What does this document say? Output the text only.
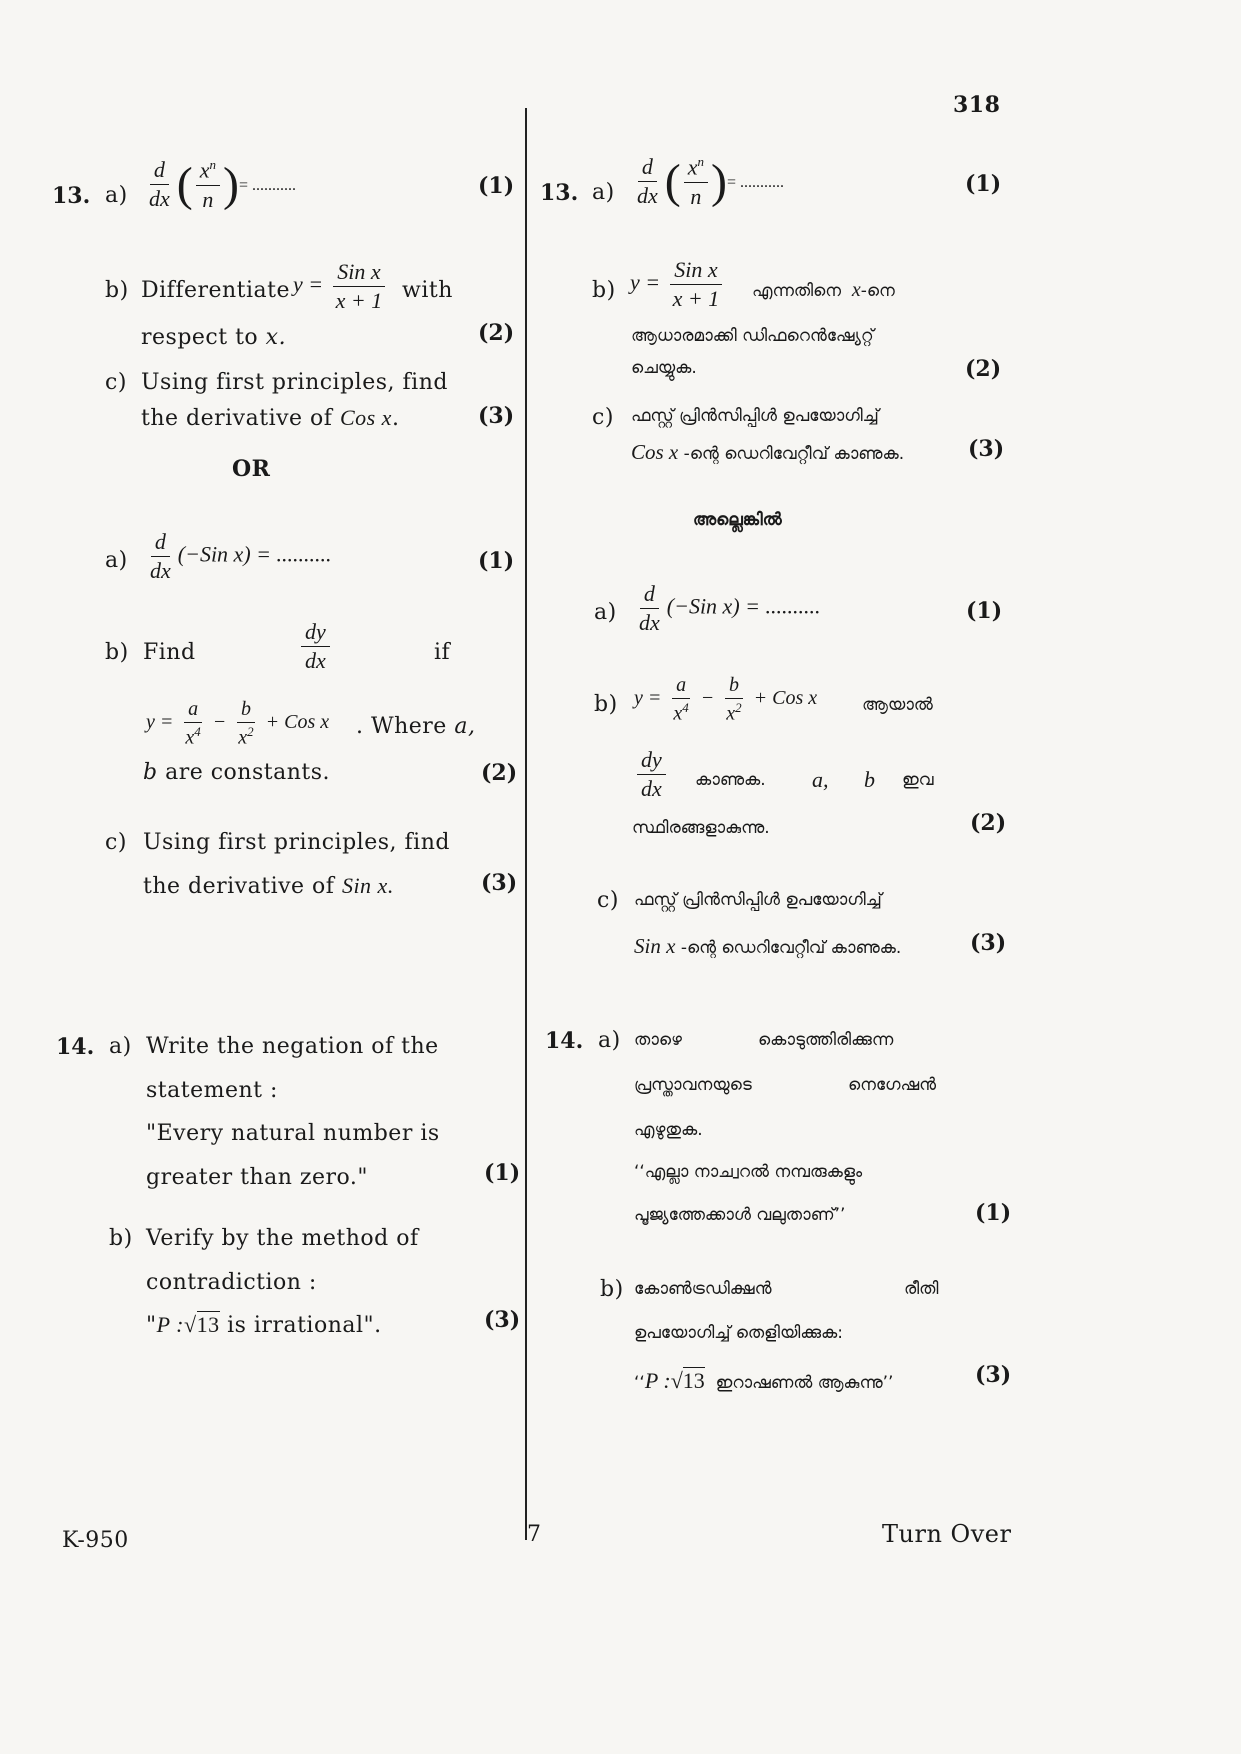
318
K-950	7	Turn Over
13. $a) \frac{d}{dx}$ ( $\frac{x^n}{n}$ )= ...........	(1)
b) Differentiate $y = \frac{\text{Sin x}}{x + 1}$ with
respect to x.	(2)
c) Using first principles, find
the derivative of Cos x.	(3)
OR
$a) \frac{d}{dx} (-Sin$ x) = ..........	(1)
b) Find	$\frac{dy}{dx}$	if
$y = \frac{a}{x^4} - \frac{b}{x^2}$ + Cos x . Where a,
b are constants.	(2)
c) Using first principles, find
the derivative of Sin x.	(3)
14. a) Write the negation of the
statement :
"Every natural number is
greater than zero."	(1)
b) Verify by the method of
contradiction :
"P :√13 is irrational".	(3)
13. $a) \frac{d}{dx}$ ( $\frac{x^n}{n}$ )= ...........	(1)
b) $y = \frac{\text{Sin x}}{x + 1}$ എന്നതിനെ x-നെ
ആധാരമാക്കി ഡിഫറെൻഷ്യേറ്റ്
ചെയ്യുക.	(2)
c) ഫസ്റ്റ് പ്രിൻസിപ്പിൾ ഉപയോഗിച്ച്
Cos x -ന്റെ ഡെറിവേറ്റീവ് കാണുക.	(3)
അല്ലെങ്കിൽ
$a) \frac{d}{dx} (-Sin$ x) = ..........	(1)
b) $y = \frac{a}{x^4} - \frac{b}{x^2}$ + Cos x	ആയാൽ
$\frac{dy}{dx}$ കാണുക. a, b ഇവ
സ്ഥിരങ്ങളാകുന്നു.	(2)
c) ഫസ്റ്റ് പ്രിൻസിപ്പിൾ ഉപയോഗിച്ച്
Sin x -ന്റെ ഡെറിവേറ്റീവ് കാണുക.	(3)
14. a) താഴെ	കൊടുത്തിരിക്കുന്ന
പ്രസ്താവനയുടെ	നെഗേഷൻ
എഴുതുക.
‘‘എല്ലാ നാച്വറൽ നമ്പരുകളും
പൂജ്യത്തേക്കാൾ വലുതാണ്’’	(1)
b) കോൺട്രഡിക്ഷൻ	രീതി
ഉപയോഗിച്ച് തെളിയിക്കുക:
‘‘P :√13 ഇറാഷണൽ ആകുന്നു’’	(3)
